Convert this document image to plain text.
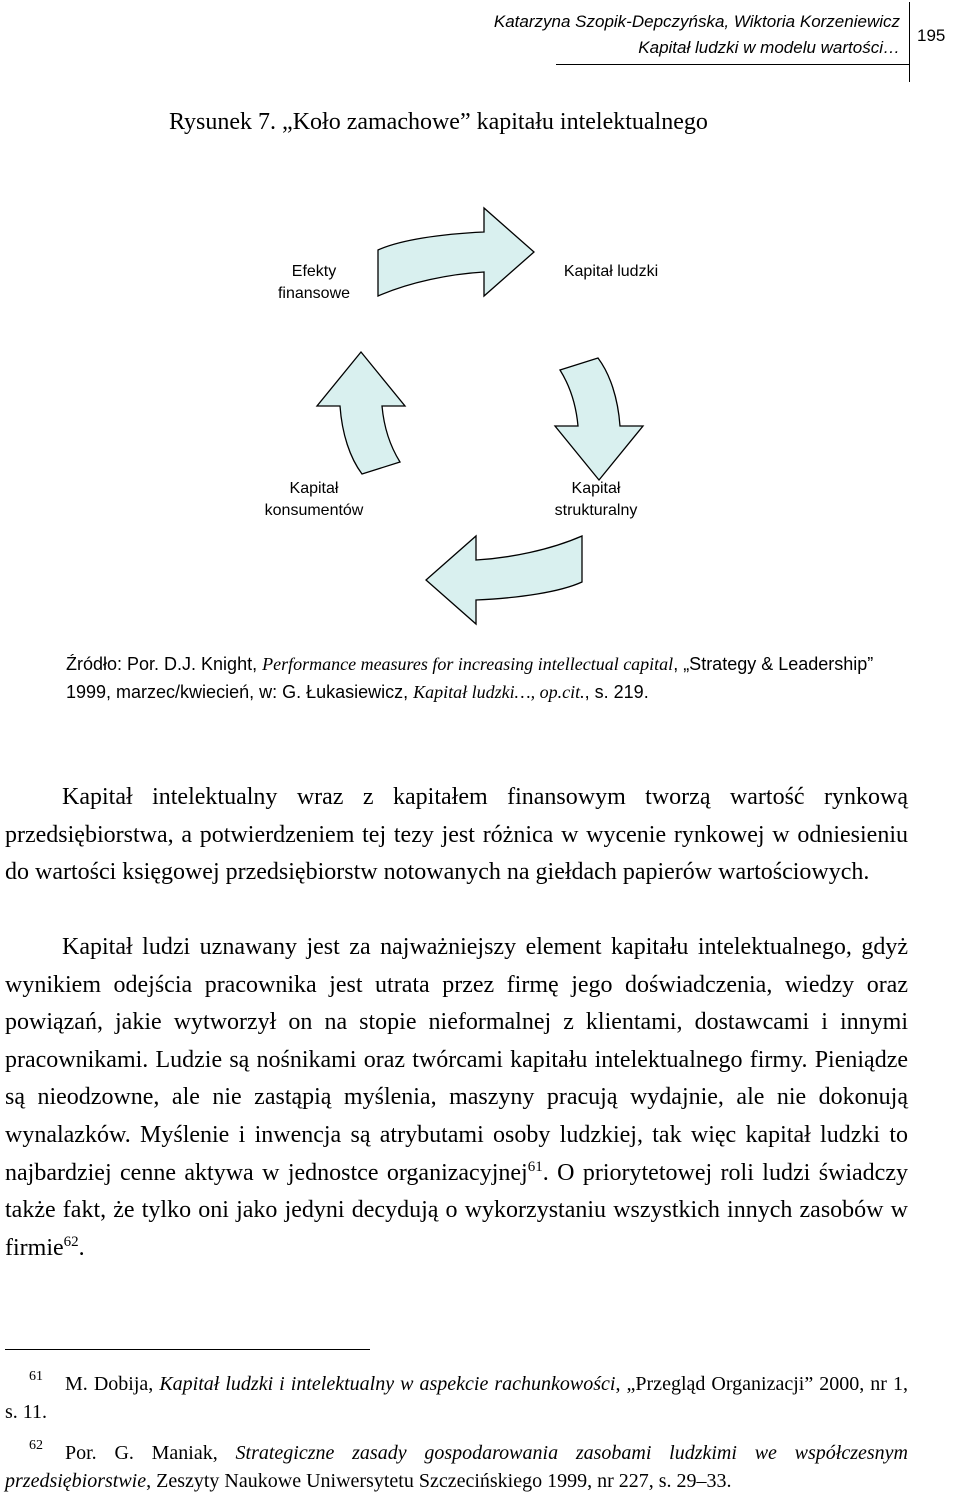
Katarzyna Szopik-Depczyńska, Wiktoria Korzeniewicz
Kapitał ludzki w modelu wartości…
195
Rysunek 7. „Koło zamachowe” kapitału intelektualnego
Efekty
finansowe
Kapitał ludzki
Kapitał
konsumentów
Kapitał
strukturalny
Źródło: Por. D.J. Knight, Performance measures for increasing intellectual capital, „Strategy & Leadership” 1999, marzec/kwiecień, w: G. Łukasiewicz, Kapitał ludzki…, op.cit., s. 219.

Kapitał intelektualny wraz z kapitałem finansowym tworzą wartość rynkową przedsiębiorstwa, a potwierdzeniem tej tezy jest różnica w wycenie rynkowej w odniesieniu do wartości księgowej przedsiębiorstw notowanych na giełdach papierów wartościowych.

Kapitał ludzi uznawany jest za najważniejszy element kapitału intelektualnego, gdyż wynikiem odejścia pracownika jest utrata przez firmę jego doświadczenia, wiedzy oraz powiązań, jakie wytworzył on na stopie nieformalnej z klientami, dostawcami i innymi pracownikami. Ludzie są nośnikami oraz twórcami kapitału intelektualnego firmy. Pieniądze są nieodzowne, ale nie zastąpią myślenia, maszyny pracują wydajnie, ale nie dokonują wynalazków. Myślenie i inwencja są atrybutami osoby ludzkiej, tak więc kapitał ludzki to najbardziej cenne aktywa w jednostce organizacyjnej$^{61}$. O priorytetowej roli ludzi świadczy także fakt, że tylko oni jako jedyni decydują o wykorzystaniu wszystkich innych zasobów w firmie$^{62}$.

61 M. Dobija, Kapitał ludzki i intelektualny w aspekcie rachunkowości, „Przegląd Organizacji” 2000, nr 1, s. 11.
62 Por. G. Maniak, Strategiczne zasady gospodarowania zasobami ludzkimi we współczesnym przedsiębiorstwie, Zeszyty Naukowe Uniwersytetu Szczecińskiego 1999, nr 227, s. 29–33.
